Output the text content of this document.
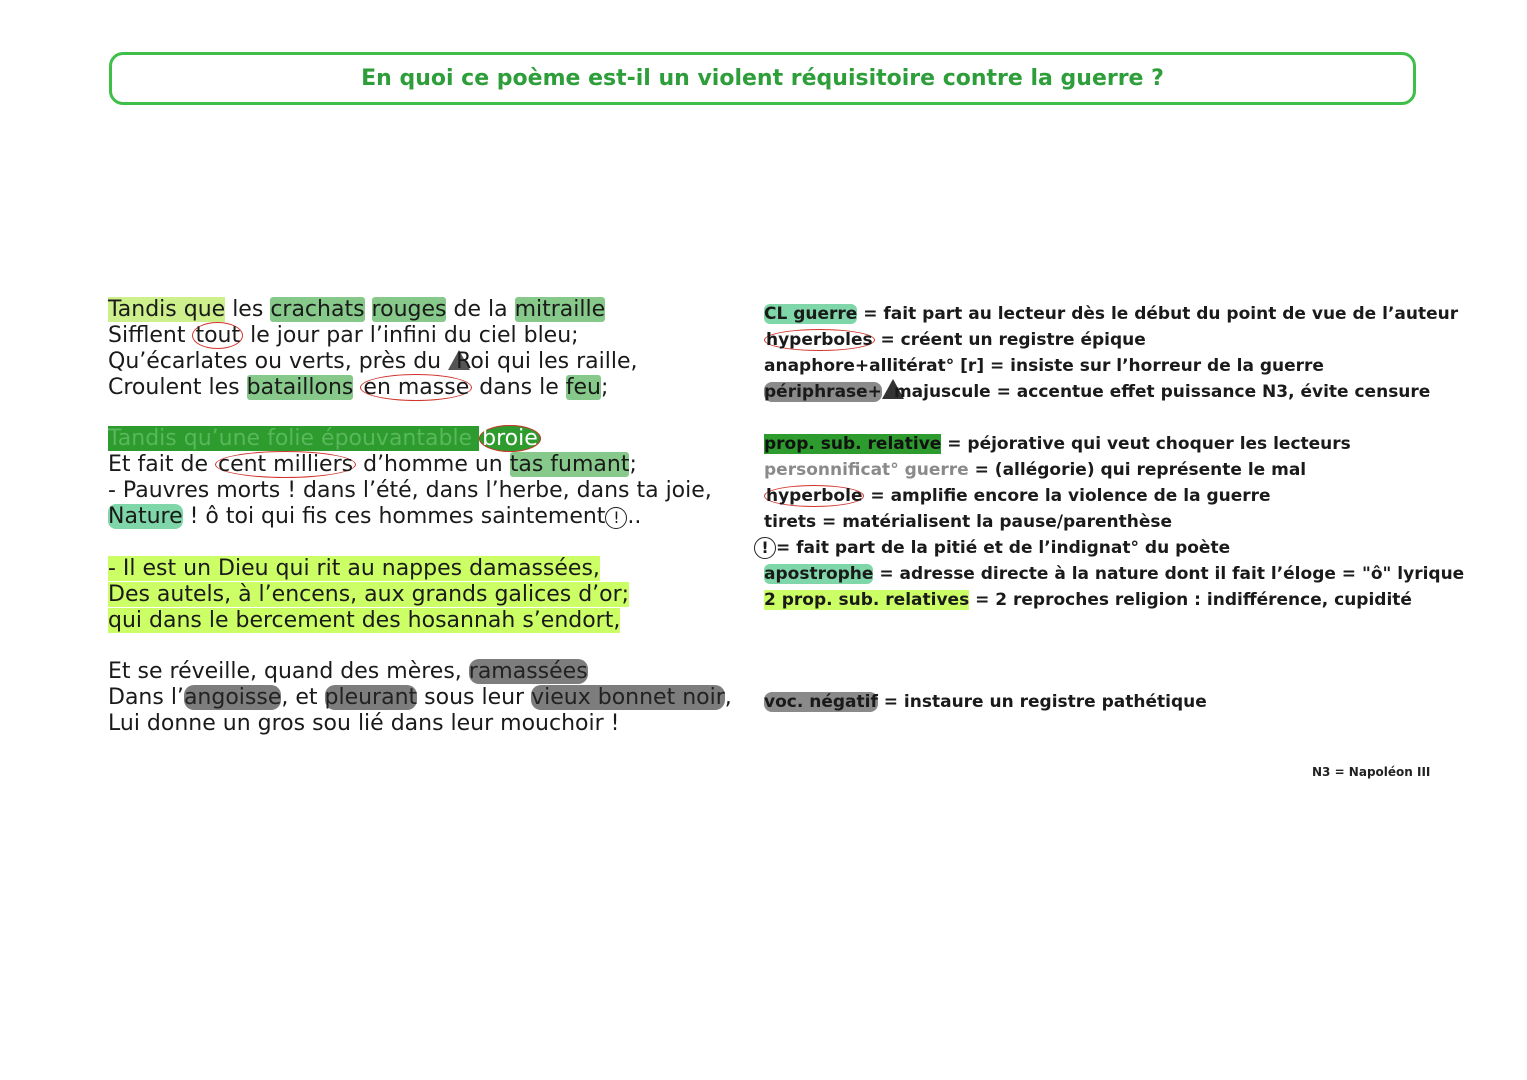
En quoi ce poème est-il un violent réquisitoire contre la guerre ?
Tandis que les crachats rouges de la mitraille
Sifflent tout le jour par l’infini du ciel bleu;
Qu’écarlates ou verts, près du Roi qui les raille,
Croulent les bataillons en masse dans le feu;
Tandis qu’une folie épouvantable broie
Et fait de cent milliers d’homme un tas fumant;
- Pauvres morts ! dans l’été, dans l’herbe, dans ta joie,
Nature ! ô toi qui fis ces hommes saintement ! ..
- Il est un Dieu qui rit au nappes damassées,
Des autels, à l’encens, aux grands galices d’or;
qui dans le bercement des hosannah s’endort,
Et se réveille, quand des mères, ramassées
Dans l’angoisse, et pleurant sous leur vieux bonnet noir,
Lui donne un gros sou lié dans leur mouchoir !
CL guerre = fait part au lecteur dès le début du point de vue de l’auteur
hyperboles = créent un registre épique
anaphore+allitérat° [r] = insiste sur l’horreur de la guerre
périphrase+ majuscule = accentue effet puissance N3, évite censure
prop. sub. relative = péjorative qui veut choquer les lecteurs
personnificat° guerre = (allégorie) qui représente le mal
hyperbole = amplifie encore la violence de la guerre
tirets = matérialisent la pause/parenthèse
! = fait part de la pitié et de l’indignat° du poète
apostrophe = adresse directe à la nature dont il fait l’éloge = "ô" lyrique
2 prop. sub. relatives = 2 reproches religion : indifférence, cupidité
voc. négatif = instaure un registre pathétique
N3 = Napoléon III
